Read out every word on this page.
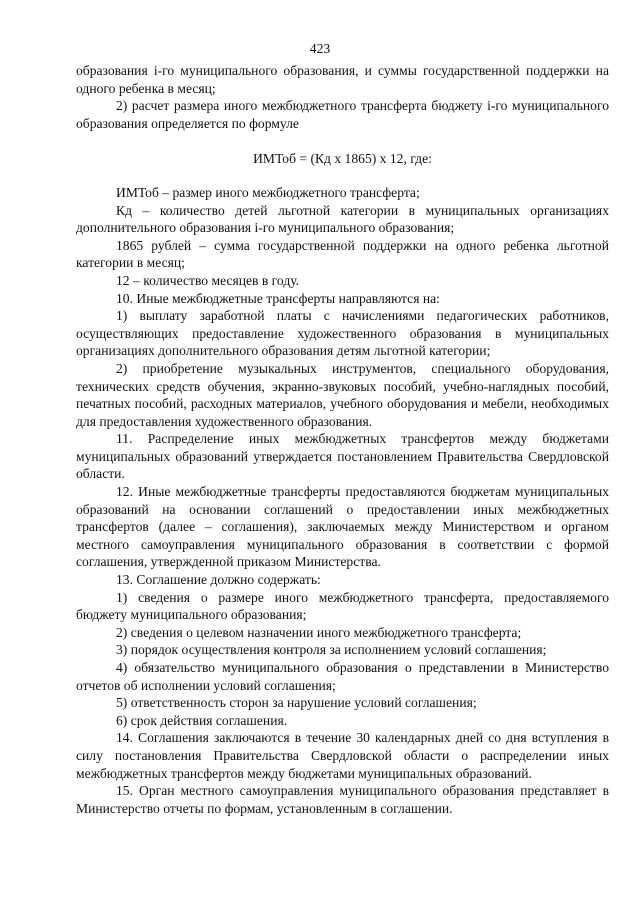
423

образования i-го муниципального образования, и суммы государственной поддержки на одного ребенка в месяц;

2) расчет размера иного межбюджетного трансферта бюджету i-го муниципального образования определяется по формуле

ИМТоб = (Кд х 1865) х 12, где:

ИМТоб – размер иного межбюджетного трансферта;

Кд – количество детей льготной категории в муниципальных организациях дополнительного образования i-го муниципального образования;

1865 рублей – сумма государственной поддержки на одного ребенка льготной категории в месяц;

12 – количество месяцев в году.

10. Иные межбюджетные трансферты направляются на:

1) выплату заработной платы с начислениями педагогических работников, осуществляющих предоставление художественного образования в муниципальных организациях дополнительного образования детям льготной категории;

2) приобретение музыкальных инструментов, специального оборудования, технических средств обучения, экранно-звуковых пособий, учебно-наглядных пособий, печатных пособий, расходных материалов, учебного оборудования и мебели, необходимых для предоставления художественного образования.

11. Распределение иных межбюджетных трансфертов между бюджетами муниципальных образований утверждается постановлением Правительства Свердловской области.

12. Иные межбюджетные трансферты предоставляются бюджетам муниципальных образований на основании соглашений о предоставлении иных межбюджетных трансфертов (далее – соглашения), заключаемых между Министерством и органом местного самоуправления муниципального образования в соответствии с формой соглашения, утвержденной приказом Министерства.

13. Соглашение должно содержать:

1) сведения о размере иного межбюджетного трансферта, предоставляемого бюджету муниципального образования;

2) сведения о целевом назначении иного межбюджетного трансферта;

3) порядок осуществления контроля за исполнением условий соглашения;

4) обязательство муниципального образования о представлении в Министерство отчетов об исполнении условий соглашения;

5) ответственность сторон за нарушение условий соглашения;

6) срок действия соглашения.

14. Соглашения заключаются в течение 30 календарных дней со дня вступления в силу постановления Правительства Свердловской области о распределении иных межбюджетных трансфертов между бюджетами муниципальных образований.

15. Орган местного самоуправления муниципального образования представляет в Министерство отчеты по формам, установленным в соглашении.
